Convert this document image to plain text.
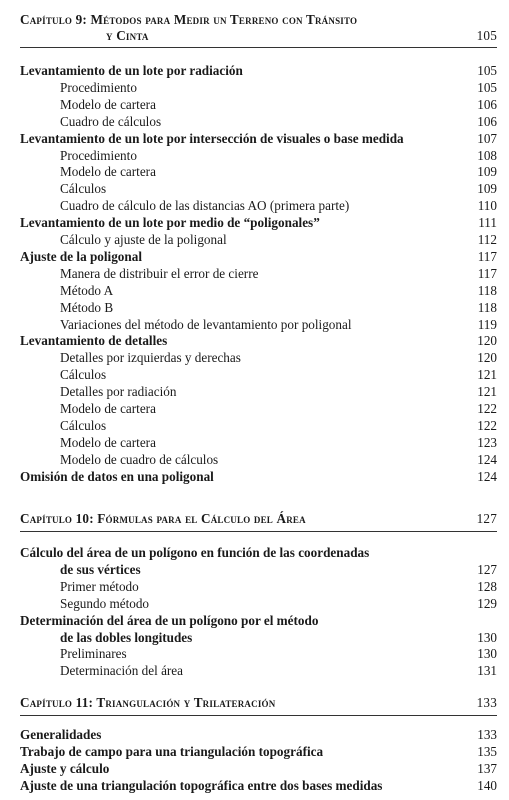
Capítulo 9: Métodos para Medir un Terreno con Tránsito
y Cinta	105
Levantamiento de un lote por radiación	105
Procedimiento	105
Modelo de cartera	106
Cuadro de cálculos	106
Levantamiento de un lote por intersección de visuales o base medida	107
Procedimiento	108
Modelo de cartera	109
Cálculos	109
Cuadro de cálculo de las distancias AO (primera parte)	110
Levantamiento de un lote por medio de “poligonales”	111
Cálculo y ajuste de la poligonal	112
Ajuste de la poligonal	117
Manera de distribuir el error de cierre	117
Método A	118
Método B	118
Variaciones del método de levantamiento por poligonal	119
Levantamiento de detalles	120
Detalles por izquierdas y derechas	120
Cálculos	121
Detalles por radiación	121
Modelo de cartera	122
Cálculos	122
Modelo de cartera	123
Modelo de cuadro de cálculos	124
Omisión de datos en una poligonal	124
Capítulo 10: Fórmulas para el Cálculo del Área	127
Cálculo del área de un polígono en función de las coordenadas
de sus vértices	127
Primer método	128
Segundo método	129
Determinación del área de un polígono por el método
de las dobles longitudes	130
Preliminares	130
Determinación del área	131
Capítulo 11: Triangulación y Trilateración	133
Generalidades	133
Trabajo de campo para una triangulación topográfica	135
Ajuste y cálculo	137
Ajuste de una triangulación topográfica entre dos bases medidas	140
